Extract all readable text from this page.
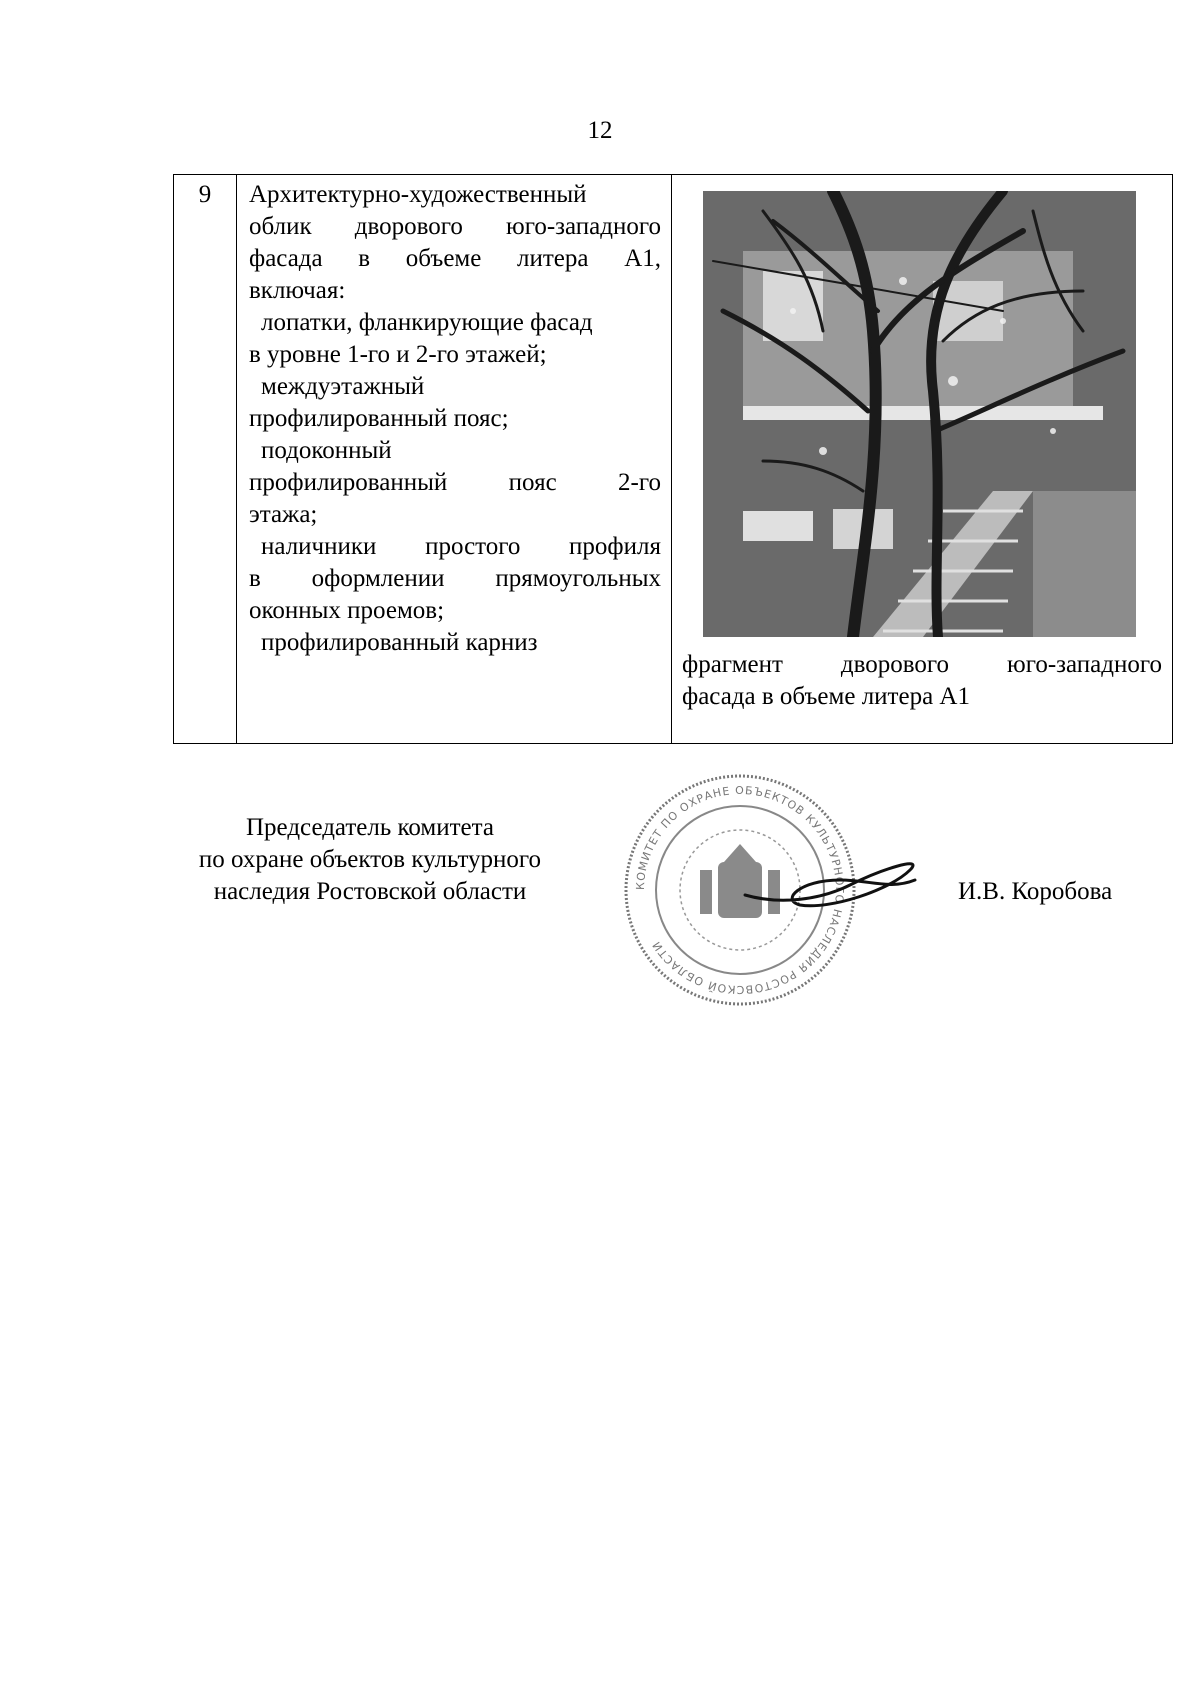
12
9	Архитектурно-художественный
облик дворового юго-западного
фасада в объеме литера А1,
включая:
лопатки, фланкирующие фасад
в уровне 1-го и 2-го этажей;
междуэтажный
профилированный пояс;
подоконный
профилированный пояс 2-го
этажа;
наличники простого профиля
в оформлении прямоугольных
оконных проемов;
профилированный карниз

фрагмент дворового юго-западного
фасада в объеме литера А1
Председатель комитета
по охране объектов культурного
наследия Ростовской области	КОМИТЕТ ПО ОХРАНЕ ОБЪЕКТОВ КУЛЬТУРНОГО НАСЛЕДИЯ РОСТОВСКОЙ ОБЛАСТИ
И.В. Коробова
